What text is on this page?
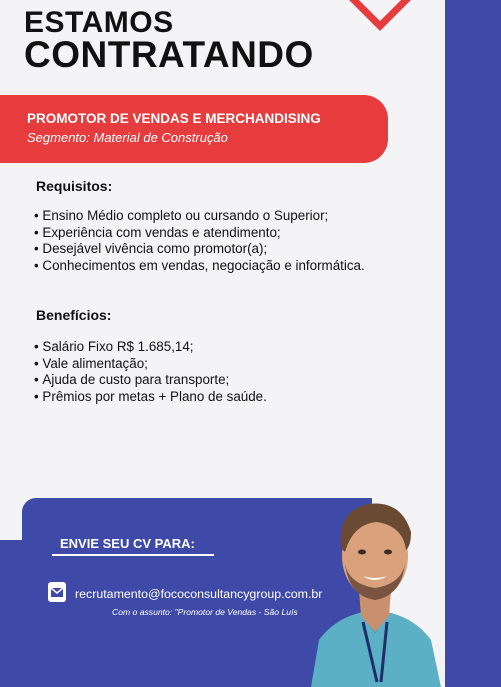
ESTAMOS
CONTRATANDO
PROMOTOR DE VENDAS E MERCHANDISING
Segmento: Material de Construção
Requisitos:
• Ensino Médio completo ou cursando o Superior;
• Experiência com vendas e atendimento;
• Desejável vivência como promotor(a);
• Conhecimentos em vendas, negociação e informática.
Benefícios:
• Salário Fixo R$ 1.685,14;
• Vale alimentação;
• Ajuda de custo para transporte;
• Prêmios por metas + Plano de saúde.
ENVIE SEU CV PARA:
recrutamento@fococonsultancygroup.com.br
Com o assunto: "Promotor de Vendas - São Luís
